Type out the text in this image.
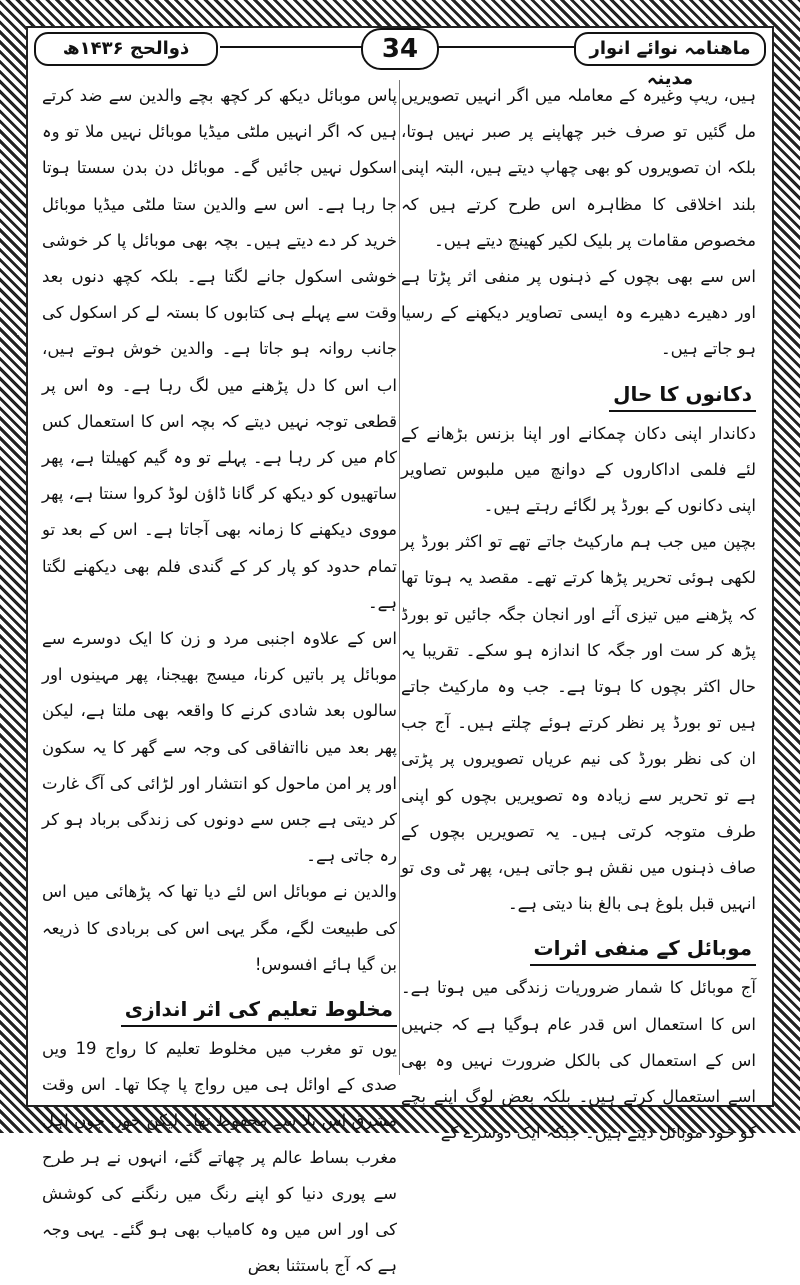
ماھنامہ نوائے انوار مدینہ
34
ذوالحج ۱۴۳۶ھ

ہیں، ریپ وغیرہ کے معاملہ میں اگر انہیں تصویریں مل گئیں تو صرف خبر چھاپنے پر صبر نہیں ہوتا، بلکہ ان تصویروں کو بھی چھاپ دیتے ہیں، البتہ اپنی بلند اخلاقی کا مظاہرہ اس طرح کرتے ہیں کہ مخصوص مقامات پر بلیک لکیر کھینچ دیتے ہیں۔

اس سے بھی بچوں کے ذہنوں پر منفی اثر پڑتا ہے اور دھیرے دھیرے وہ ایسی تصاویر دیکھنے کے رسیا ہو جاتے ہیں۔

دکانوں کا حال

دکاندار اپنی دکان چمکانے اور اپنا بزنس بڑھانے کے لئے فلمی اداکاروں کے دوانچ میں ملبوس تصاویر اپنی دکانوں کے بورڈ پر لگائے رہتے ہیں۔

بچپن میں جب ہم مارکیٹ جاتے تھے تو اکثر بورڈ پر لکھی ہوئی تحریر پڑھا کرتے تھے۔ مقصد یہ ہوتا تھا کہ پڑھنے میں تیزی آئے اور انجان جگہ جائیں تو بورڈ پڑھ کر ست اور جگہ کا اندازہ ہو سکے۔ تقریبا یہ حال اکثر بچوں کا ہوتا ہے۔ جب وہ مارکیٹ جاتے ہیں تو بورڈ پر نظر کرتے ہوئے چلتے ہیں۔ آج جب ان کی نظر بورڈ کی نیم عریاں تصویروں پر پڑتی ہے تو تحریر سے زیادہ وہ تصویریں بچوں کو اپنی طرف متوجہ کرتی ہیں۔ یہ تصویریں بچوں کے صاف ذہنوں میں نقش ہو جاتی ہیں، پھر ٹی وی تو انہیں قبل بلوغ ہی بالغ بنا دیتی ہے۔

موبائل کے منفی اثرات

آج موبائل کا شمار ضروریات زندگی میں ہوتا ہے۔ اس کا استعمال اس قدر عام ہوگیا ہے کہ جنہیں اس کے استعمال کی بالکل ضرورت نہیں وہ بھی اسے استعمال کرتے ہیں۔ بلکہ بعض لوگ اپنے بچے کو خود موبائل دیتے ہیں۔ جبکہ ایک دوسرے کے

پاس موبائل دیکھ کر کچھ بچے والدین سے ضد کرتے ہیں کہ اگر انہیں ملٹی میڈیا موبائل نہیں ملا تو وہ اسکول نہیں جائیں گے۔ موبائل دن بدن سستا ہوتا جا رہا ہے۔ اس سے والدین ستا ملٹی میڈیا موبائل خرید کر دے دیتے ہیں۔ بچہ بھی موبائل پا کر خوشی خوشی اسکول جانے لگتا ہے۔ بلکہ کچھ دنوں بعد وقت سے پہلے ہی کتابوں کا بستہ لے کر اسکول کی جانب روانہ ہو جاتا ہے۔ والدین خوش ہوتے ہیں، اب اس کا دل پڑھنے میں لگ رہا ہے۔ وہ اس پر قطعی توجہ نہیں دیتے کہ بچہ اس کا استعمال کس کام میں کر رہا ہے۔ پہلے تو وہ گیم کھیلتا ہے، پھر ساتھیوں کو دیکھ کر گانا ڈاؤن لوڈ کروا سنتا ہے، پھر مووی دیکھنے کا زمانہ بھی آجاتا ہے۔ اس کے بعد تو تمام حدود کو پار کر کے گندی فلم بھی دیکھنے لگتا ہے۔

اس کے علاوہ اجنبی مرد و زن کا ایک دوسرے سے موبائل پر باتیں کرنا، میسج بھیجنا، پھر مہینوں اور سالوں بعد شادی کرنے کا واقعہ بھی ملتا ہے، لیکن پھر بعد میں نااتفاقی کی وجہ سے گھر کا یہ سکون اور پر امن ماحول کو انتشار اور لڑائی کی آگ غارت کر دیتی ہے جس سے دونوں کی زندگی برباد ہو کر رہ جاتی ہے۔

والدین نے موبائل اس لئے دیا تھا کہ پڑھائی میں اس کی طبیعت لگے، مگر یہی اس کی بربادی کا ذریعہ بن گیا ہائے افسوس!

مخلوط تعلیم کی اثر اندازی

یوں تو مغرب میں مخلوط تعلیم کا رواج 19 ویں صدی کے اوائل ہی میں رواج پا چکا تھا۔ اس وقت مشرق اس بلا سے محفوظ تھا۔ لیکن جوں جوں اہل مغرب بساط عالم پر چھاتے گئے، انہوں نے ہر طرح سے پوری دنیا کو اپنے رنگ میں رنگنے کی کوشش کی اور اس میں وہ کامیاب بھی ہو گئے۔ یہی وجہ ہے کہ آج باستثنا بعض
